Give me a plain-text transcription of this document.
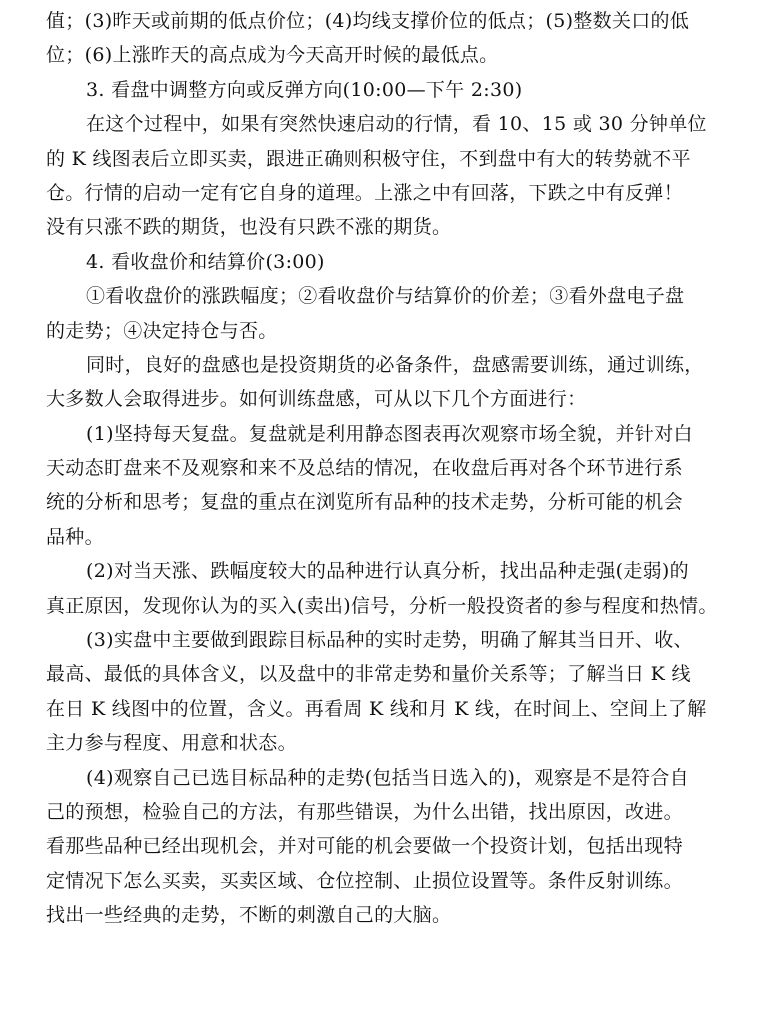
值；(3)昨天或前期的低点价位；(4)均线支撑价位的低点；(5)整数关口的低
位；(6)上涨昨天的高点成为今天高开时候的最低点。
3. 看盘中调整方向或反弹方向(10:00—下午 2:30)
在这个过程中，如果有突然快速启动的行情，看 10、15 或 30 分钟单位
的 K 线图表后立即买卖，跟进正确则积极守住，不到盘中有大的转势就不平
仓。行情的启动一定有它自身的道理。上涨之中有回落，下跌之中有反弹！
没有只涨不跌的期货，也没有只跌不涨的期货。
4. 看收盘价和结算价(3:00)
①看收盘价的涨跌幅度；②看收盘价与结算价的价差；③看外盘电子盘
的走势；④决定持仓与否。
同时，良好的盘感也是投资期货的必备条件，盘感需要训练，通过训练，
大多数人会取得进步。如何训练盘感，可从以下几个方面进行：
(1)坚持每天复盘。复盘就是利用静态图表再次观察市场全貌，并针对白
天动态盯盘来不及观察和来不及总结的情况，在收盘后再对各个环节进行系
统的分析和思考；复盘的重点在浏览所有品种的技术走势，分析可能的机会
品种。
(2)对当天涨、跌幅度较大的品种进行认真分析，找出品种走强(走弱)的
真正原因，发现你认为的买入(卖出)信号，分析一般投资者的参与程度和热情。
(3)实盘中主要做到跟踪目标品种的实时走势，明确了解其当日开、收、
最高、最低的具体含义，以及盘中的非常走势和量价关系等；了解当日 K 线
在日 K 线图中的位置，含义。再看周 K 线和月 K 线，在时间上、空间上了解
主力参与程度、用意和状态。
(4)观察自己已选目标品种的走势(包括当日选入的)，观察是不是符合自
己的预想，检验自己的方法，有那些错误，为什么出错，找出原因，改进。
看那些品种已经出现机会，并对可能的机会要做一个投资计划，包括出现特
定情况下怎么买卖，买卖区域、仓位控制、止损位设置等。条件反射训练。
找出一些经典的走势，不断的刺激自己的大脑。
